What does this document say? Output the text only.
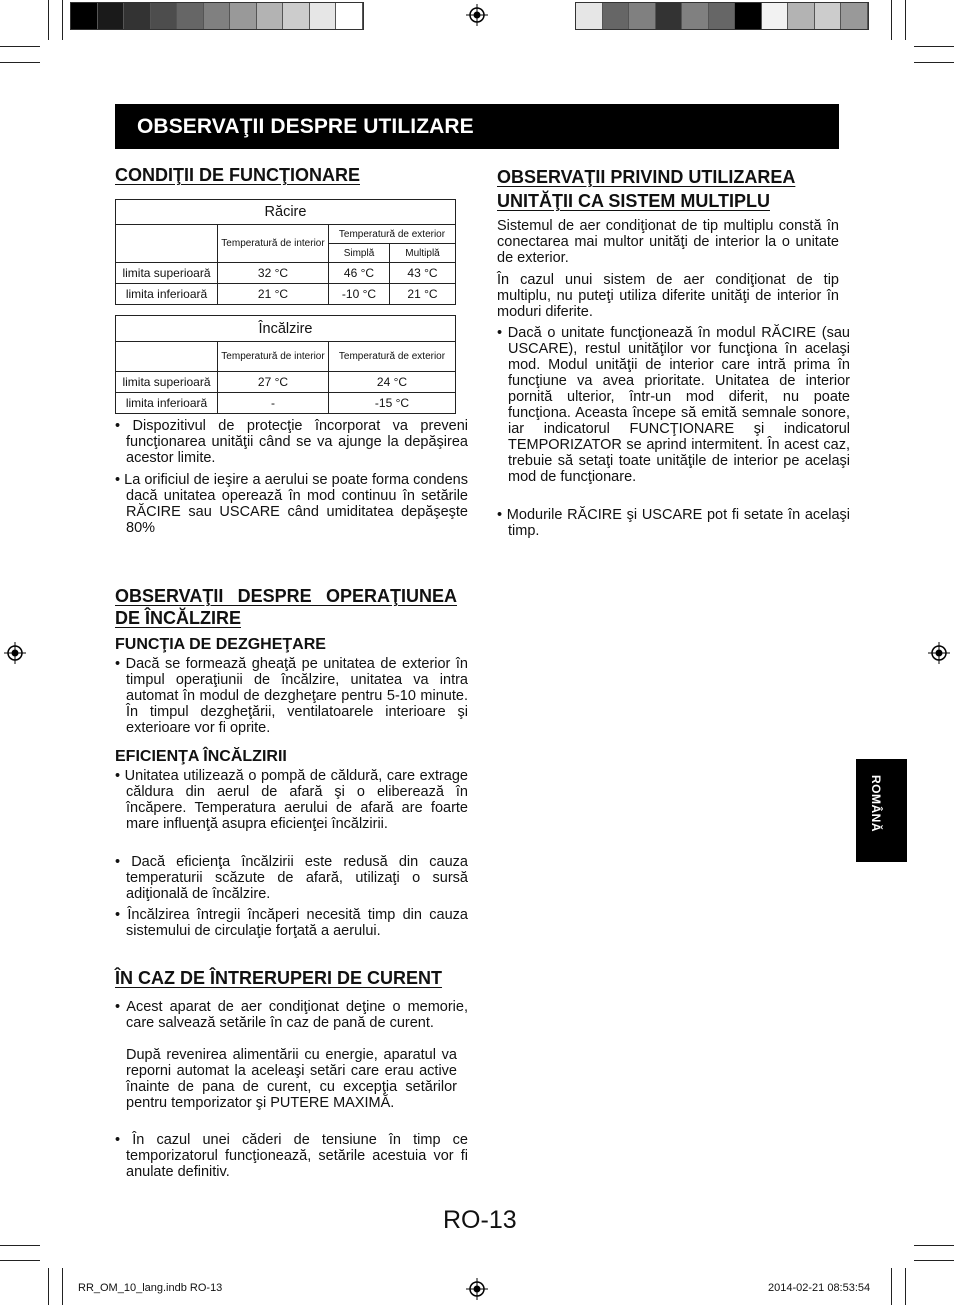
OBSERVAŢII DESPRE UTILIZARE
CONDIŢII DE FUNCŢIONARE
Răcire			
	Temperatură de interior	Temperatură de exterior	
		Simplă	Multiplă
limita superioară	32 °C	46 °C	43 °C
limita inferioară	21 °C	-10 °C	21 °C
Încălzire		
	Temperatură de interior	Temperatură de exterior
limita superioară	27 °C	24 °C
limita inferioară	-	-15 °C

• Dispozitivul de protecţie încorporat va preveni funcţionarea unităţii când se va ajunge la depăşirea acestor limite.

• La orificiul de ieşire a aerului se poate forma condens dacă unitatea operează în mod continuu în setările RĂCIRE sau USCARE când umiditatea depăşeşte 80%

OBSERVAŢII DESPRE OPERAŢIUNEA DE ÎNCĂLZIRE
FUNCŢIA DE DEZGHEŢARE

• Dacă se formează gheaţă pe unitatea de exterior în timpul operaţiunii de încălzire, unitatea va intra automat în modul de dezgheţare pentru 5-10 minute. În timpul dezgheţării, ventilatoarele interioare şi exterioare vor fi oprite.

EFICIENŢA ÎNCĂLZIRII

• Unitatea utilizează o pompă de căldură, care extrage căldura din aerul de afară şi o eliberează în încăpere. Temperatura aerului de afară are foarte mare influenţă asupra eficienţei încălzirii.

• Dacă eficienţa încălzirii este redusă din cauza temperaturii scăzute de afară, utilizaţi o sursă adiţională de încălzire.

• Încălzirea întregii încăperi necesită timp din cauza sistemului de circulaţie forţată a aerului.

ÎN CAZ DE ÎNTRERUPERI DE CURENT

• Acest aparat de aer condiţionat deţine o memorie, care salvează setările în caz de pană de curent.

După revenirea alimentării cu energie, aparatul va reporni automat la aceleaşi setări care erau active înainte de pana de curent, cu excepţia setărilor pentru temporizator şi PUTERE MAXIMĂ.

• În cazul unei căderi de tensiune în timp ce temporizatorul funcţionează, setările acestuia vor fi anulate definitiv.

OBSERVAŢII PRIVIND UTILIZAREA UNITĂŢII CA SISTEM MULTIPLU

Sistemul de aer condiţionat de tip multiplu constă în conectarea mai multor unităţi de interior la o unitate de exterior.

În cazul unui sistem de aer condiţionat de tip multiplu, nu puteţi utiliza diferite unităţi de interior în moduri diferite.

• Dacă o unitate funcţionează în modul RĂCIRE (sau USCARE), restul unităţilor vor funcţiona în acelaşi mod. Modul unităţii de interior care intră prima în funcţiune va avea prioritate. Unitatea de interior pornită ulterior, într-un mod diferit, nu poate funcţiona. Aceasta începe să emită semnale sonore, iar indicatorul FUNCŢIONARE şi indicatorul TEMPORIZATOR se aprind intermitent. În acest caz, trebuie să setaţi toate unităţile de interior pe acelaşi mod de funcţionare.

• Modurile RĂCIRE şi USCARE pot fi setate în acelaşi timp.

ROMÂNĂ
RO-13
RR_OM_10_lang.indb RO-13	2014-02-21 08:53:54
